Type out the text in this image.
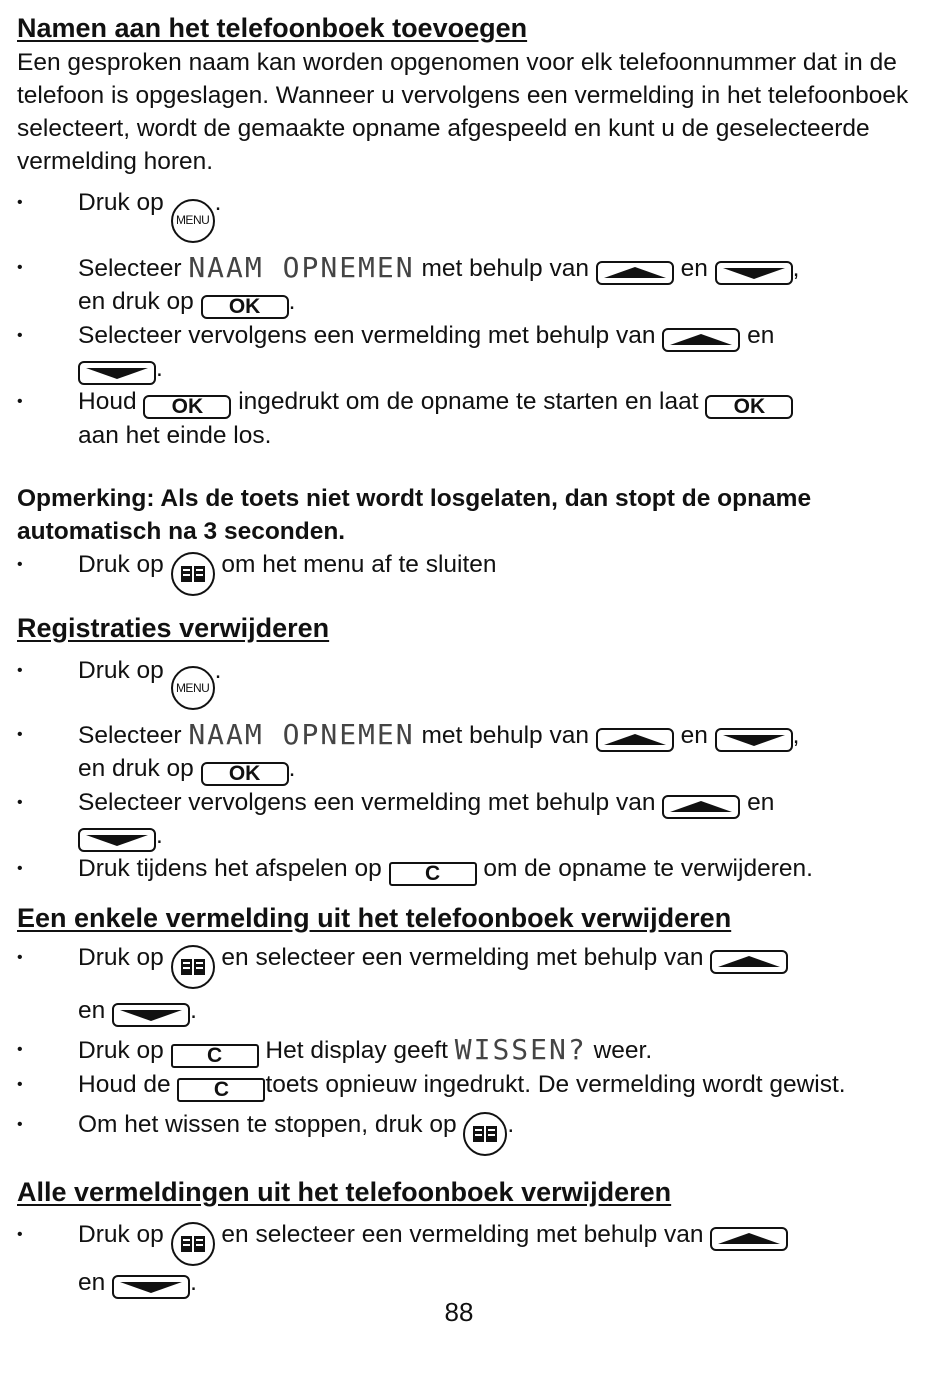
Namen aan het telefoonboek toevoegen

Een gesproken naam kan worden opgenomen voor elk telefoonnummer dat in de telefoon is opgeslagen. Wanneer u vervolgens een vermelding in het telefoonboek selecteert, wordt de gemaakte opname afgespeeld en kunt u de geselecteerde vermelding horen.

• Druk op MENU.
• Selecteer NAAM OPNEMEN met behulp van	en	,
en druk op OK .
• Selecteer vervolgens een vermelding met behulp van	en

.
• Houd OK ingedrukt om de opname te starten en laat OK
aan het einde los.

Opmerking: Als de toets niet wordt losgelaten, dan stopt de opname automatisch na 3 seconden.

• Druk op om het menu af te sluiten
Registraties verwijderen
• Druk op MENU.
• Selecteer NAAM OPNEMEN met behulp van	en	,
en druk op OK .
• Selecteer vervolgens een vermelding met behulp van	en

.
• Druk tijdens het afspelen op C om de opname te verwijderen.
Een enkele vermelding uit het telefoonboek verwijderen
• Druk op en selecteer een vermelding met behulp van

en	.
• Druk op C Het display geeft WISSEN? weer.
• Houd de C toets opnieuw ingedrukt. De vermelding wordt gewist.
• Om het wissen te stoppen, druk op .
Alle vermeldingen uit het telefoonboek verwijderen
• Druk op en selecteer een vermelding met behulp van

en	.
88
